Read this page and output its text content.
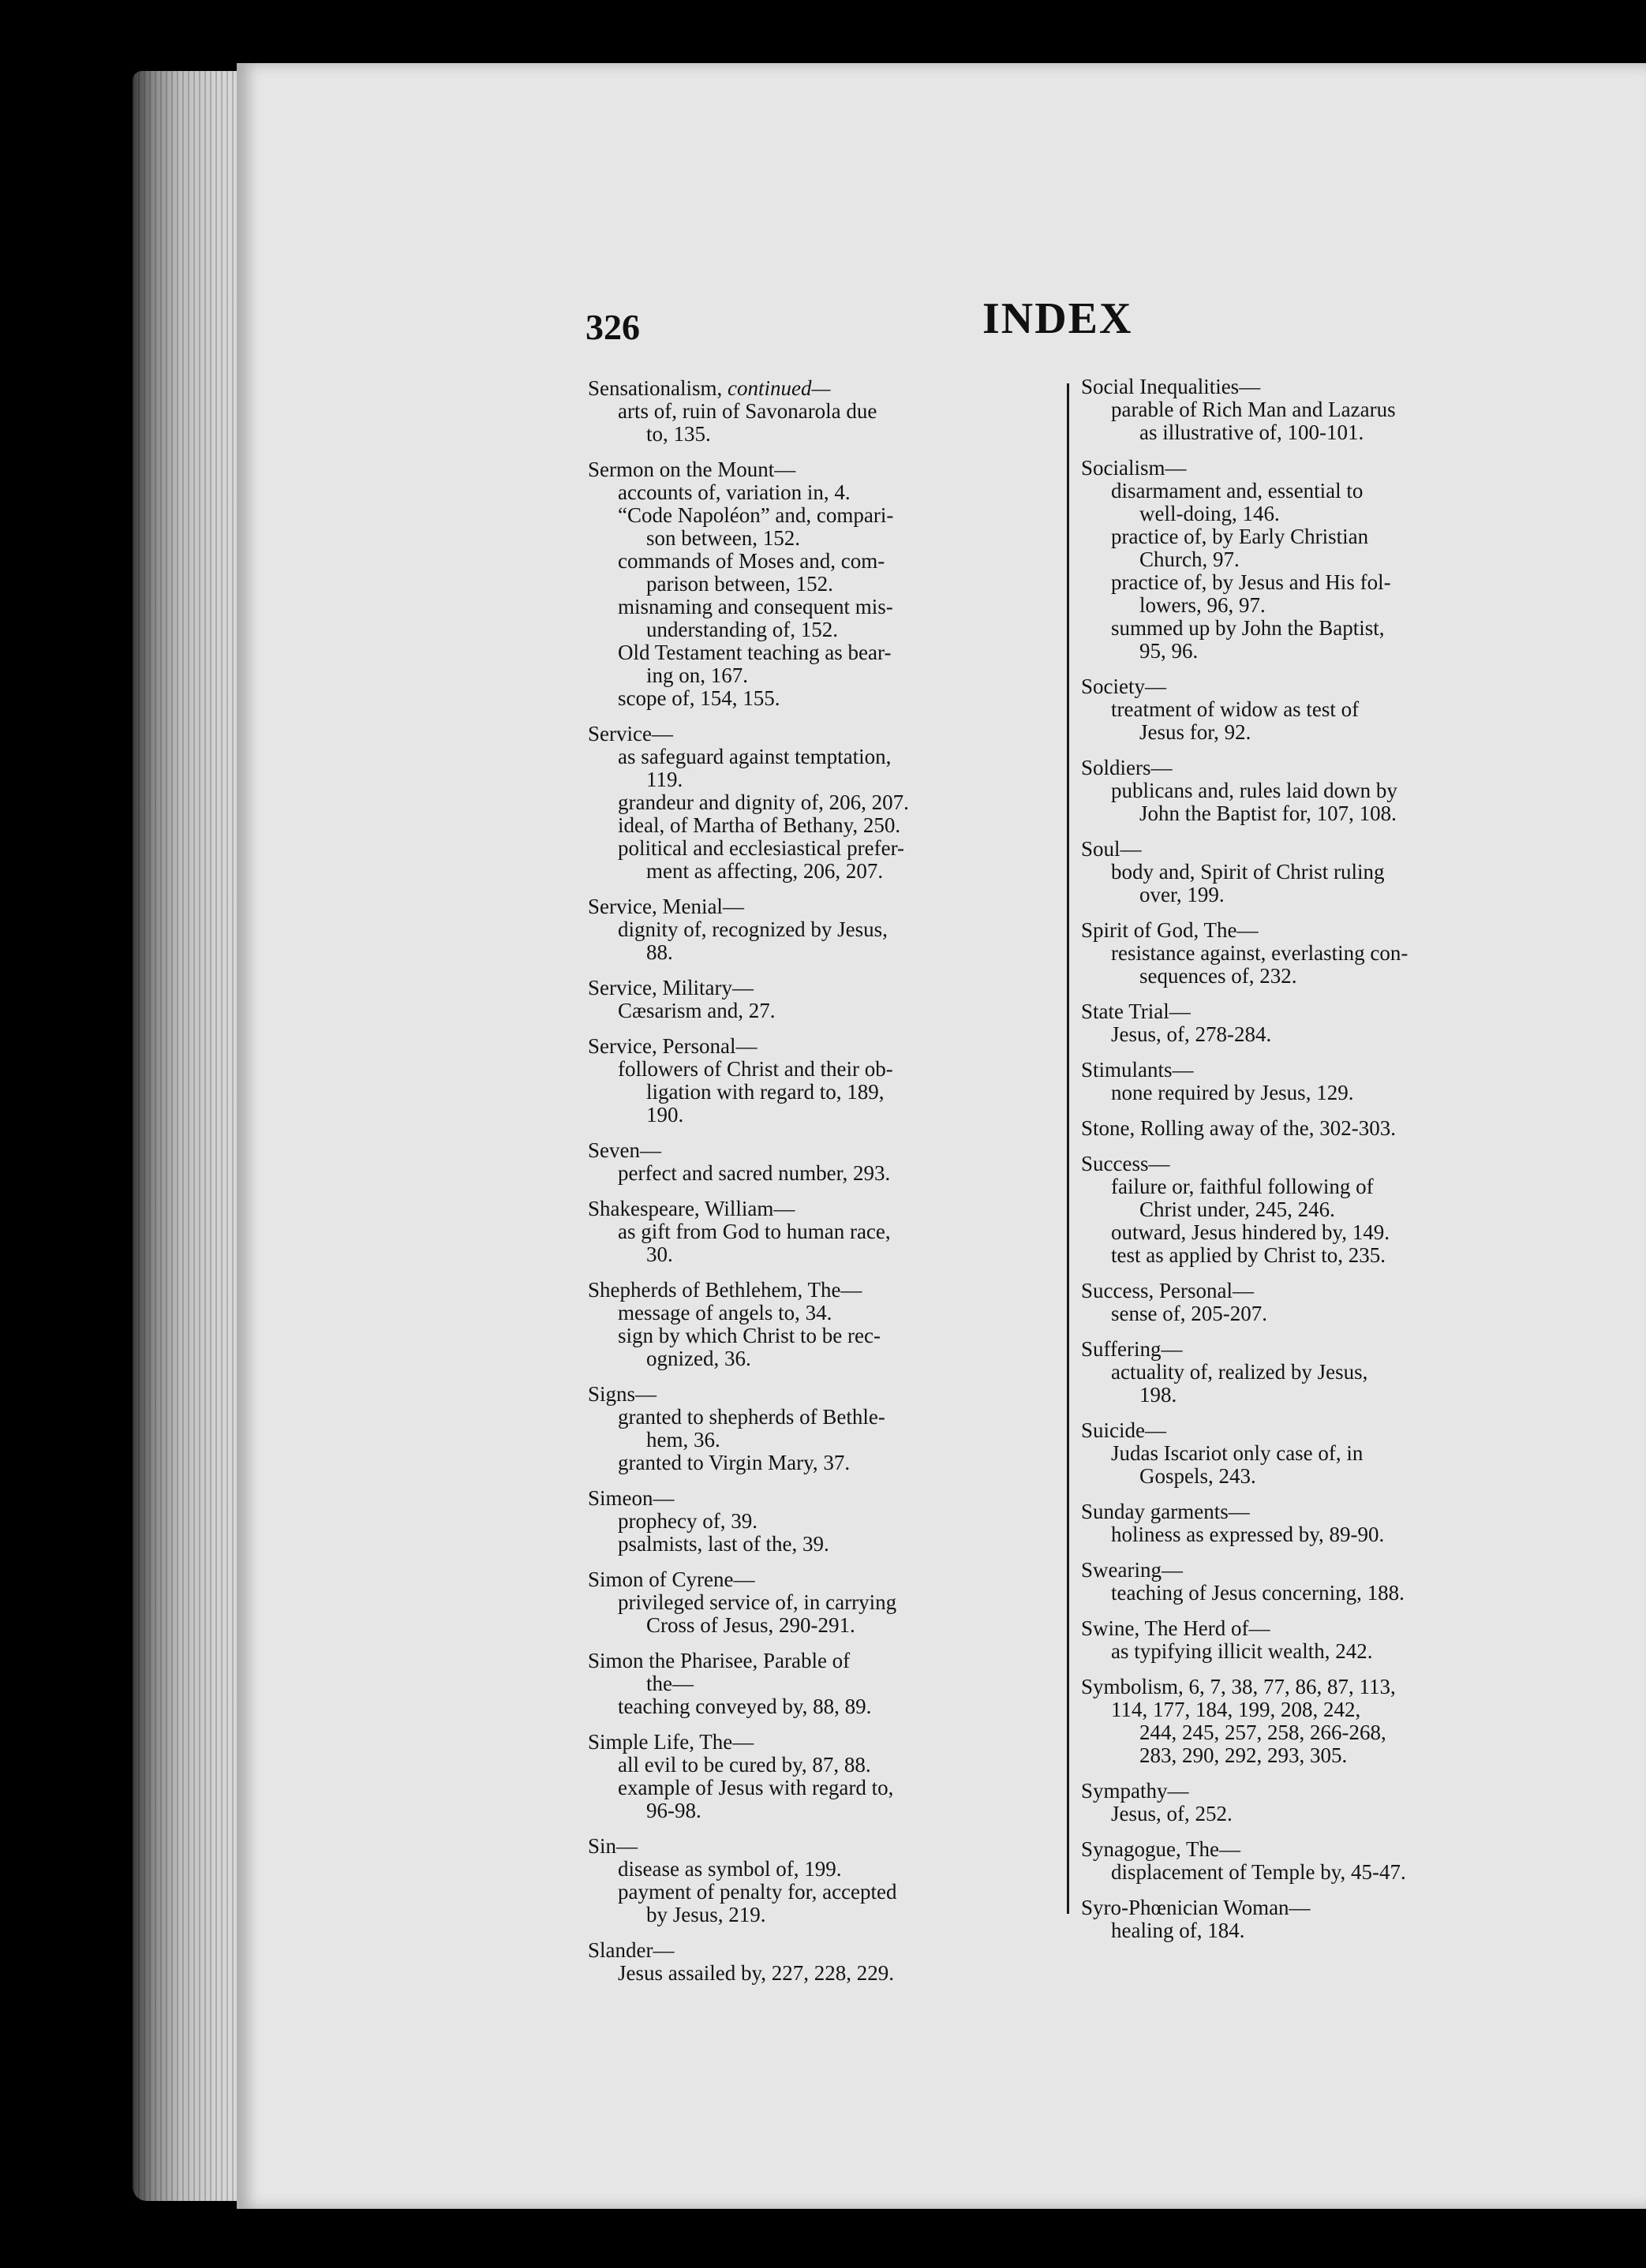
326	INDEX
Sensationalism, continued—
arts of, ruin of Savonarola due
to, 135.
Sermon on the Mount—
accounts of, variation in, 4.
“Code Napoléon” and, compari-
son between, 152.
commands of Moses and, com-
parison between, 152.
misnaming and consequent mis-
understanding of, 152.
Old Testament teaching as bear-
ing on, 167.
scope of, 154, 155.
Service—
as safeguard against temptation,
119.
grandeur and dignity of, 206, 207.
ideal, of Martha of Bethany, 250.
political and ecclesiastical prefer-
ment as affecting, 206, 207.
Service, Menial—
dignity of, recognized by Jesus,
88.
Service, Military—
Cæsarism and, 27.
Service, Personal—
followers of Christ and their ob-
ligation with regard to, 189,
190.
Seven—
perfect and sacred number, 293.
Shakespeare, William—
as gift from God to human race,
30.
Shepherds of Bethlehem, The—
message of angels to, 34.
sign by which Christ to be rec-
ognized, 36.
Signs—
granted to shepherds of Bethle-
hem, 36.
granted to Virgin Mary, 37.
Simeon—
prophecy of, 39.
psalmists, last of the, 39.
Simon of Cyrene—
privileged service of, in carrying
Cross of Jesus, 290-291.
Simon the Pharisee, Parable of
the—
teaching conveyed by, 88, 89.
Simple Life, The—
all evil to be cured by, 87, 88.
example of Jesus with regard to,
96-98.
Sin—
disease as symbol of, 199.
payment of penalty for, accepted
by Jesus, 219.
Slander—
Jesus assailed by, 227, 228, 229.
Social Inequalities—
parable of Rich Man and Lazarus
as illustrative of, 100-101.
Socialism—
disarmament and, essential to
well-doing, 146.
practice of, by Early Christian
Church, 97.
practice of, by Jesus and His fol-
lowers, 96, 97.
summed up by John the Baptist,
95, 96.
Society—
treatment of widow as test of
Jesus for, 92.
Soldiers—
publicans and, rules laid down by
John the Baptist for, 107, 108.
Soul—
body and, Spirit of Christ ruling
over, 199.
Spirit of God, The—
resistance against, everlasting con-
sequences of, 232.
State Trial—
Jesus, of, 278-284.
Stimulants—
none required by Jesus, 129.
Stone, Rolling away of the, 302-303.
Success—
failure or, faithful following of
Christ under, 245, 246.
outward, Jesus hindered by, 149.
test as applied by Christ to, 235.
Success, Personal—
sense of, 205-207.
Suffering—
actuality of, realized by Jesus,
198.
Suicide—
Judas Iscariot only case of, in
Gospels, 243.
Sunday garments—
holiness as expressed by, 89-90.
Swearing—
teaching of Jesus concerning, 188.
Swine, The Herd of—
as typifying illicit wealth, 242.
Symbolism, 6, 7, 38, 77, 86, 87, 113,
114, 177, 184, 199, 208, 242,
244, 245, 257, 258, 266-268,
283, 290, 292, 293, 305.
Sympathy—
Jesus, of, 252.
Synagogue, The—
displacement of Temple by, 45-47.
Syro-Phœnician Woman—
healing of, 184.
